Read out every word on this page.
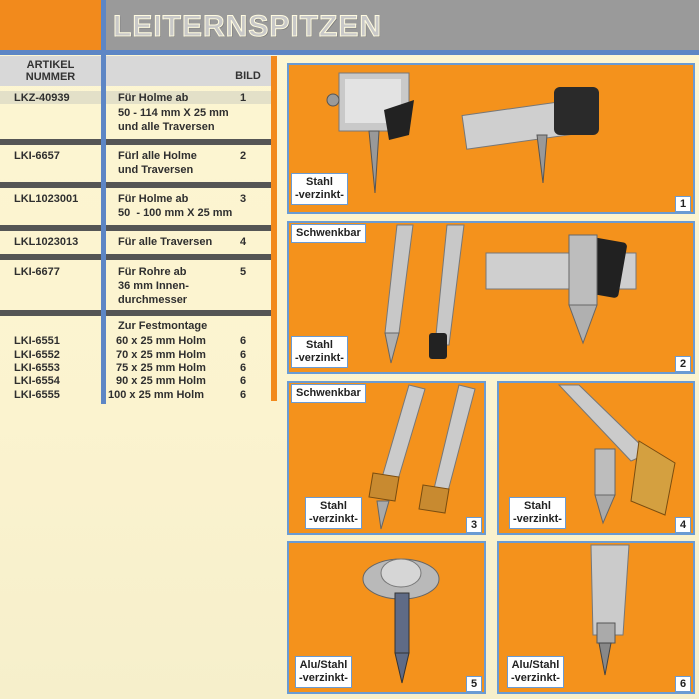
LEITERNSPITZEN
ARTIKEL
NUMMER	BILD
LKZ-40939	Für Holme ab	1
50 - 114 mm X 25 mm
und alle Traversen
LKI-6657	Fürl alle Holme	2
und Traversen
LKL1023001	Für Holme ab	3
50  - 100 mm X 25 mm
LKL1023013	Für alle Traversen	4
LKI-6677	Für Rohre ab	5
36 mm Innen-
durchmesser
Zur Festmontage
LKI-6551	60 x 25 mm Holm	6
LKI-6552	70 x 25 mm Holm	6
LKI-6553	75 x 25 mm Holm	6
LKI-6554	90 x 25 mm Holm	6
LKI-6555	100 x 25 mm Holm	6
Stahl
-verzinkt-
1
Schwenkbar
Stahl
-verzinkt-	2
Schwenkbar
Stahl
-verzinkt-	3
Stahl
-verzinkt-	4
Alu/Stahl
-verzinkt-	5
Alu/Stahl
-verzinkt-	6
